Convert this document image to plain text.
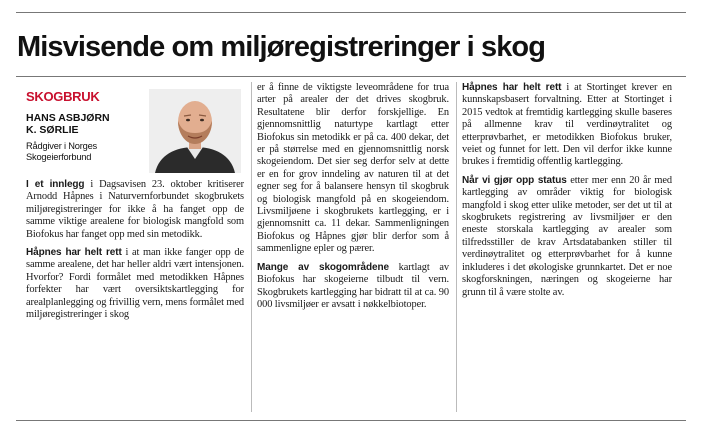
Misvisende om miljøregistreringer i skog
SKOGBRUK
HANS ASBJØRN
K. SØRLIE
Rådgiver i Norges
Skogeierforbund

I et innlegg i Dagsavisen 23. oktober kritiserer Arnodd Håpnes i Naturvernforbundet skogbrukets miljøregistreringer for ikke å ha fanget opp de samme viktige arealene for biologisk mangfold som Biofokus har fanget opp med sin metodikk.

Håpnes har helt rett i at man ikke fanger opp de samme arealene, det har heller aldri vært intensjonen. Hvorfor? Fordi formålet med metodikken Håpnes forfekter har vært oversiktskartlegging for arealplanlegging og frivillig vern, mens formålet med miljøregistreringer i skog

er å finne de viktigste leveområdene for trua arter på arealer der det drives skogbruk. Resultatene blir derfor forskjellige. En gjennomsnittlig naturtype kartlagt etter Biofokus sin metodikk er på ca. 400 dekar, det er på størrelse med en gjennomsnittlig norsk skogeiendom. Det sier seg derfor selv at dette er en for grov inndeling av naturen til at det egner seg for å balansere hensyn til skogbruk og biologisk mangfold på en skogeiendom. Livsmiljøene i skogbrukets kartlegging, er i gjennomsnitt ca. 11 dekar. Sammenligningen Biofokus og Håpnes gjør blir derfor som å sammenligne epler og pærer.

Mange av skogområdene kartlagt av Biofokus har skogeierne tilbudt til vern. Skogbrukets kartlegging har bidratt til at ca. 90 000 livsmiljøer er avsatt i nøkkelbiotoper.

Håpnes har helt rett i at Stortinget krever en kunnskapsbasert forvaltning. Etter at Stortinget i 2015 vedtok at fremtidig kartlegging skulle baseres på allmenne krav til verdinøytralitet og etterprøvbarhet, er metodikken Biofokus bruker, veiet og funnet for lett. Den vil derfor ikke kunne brukes i fremtidig offentlig kartlegging.

Når vi gjør opp status etter mer enn 20 år med kartlegging av områder viktig for biologisk mangfold i skog etter ulike metoder, ser det ut til at skogbrukets registrering av livsmiljøer er den eneste storskala kartlegging av arealer som tilfredsstiller de krav Artsdatabanken stiller til verdinøytralitet og etterprøvbarhet for å kunne inkluderes i det økologiske grunnkartet. Det er noe skogforskningen, næringen og skogeierne har grunn til å være stolte av.
